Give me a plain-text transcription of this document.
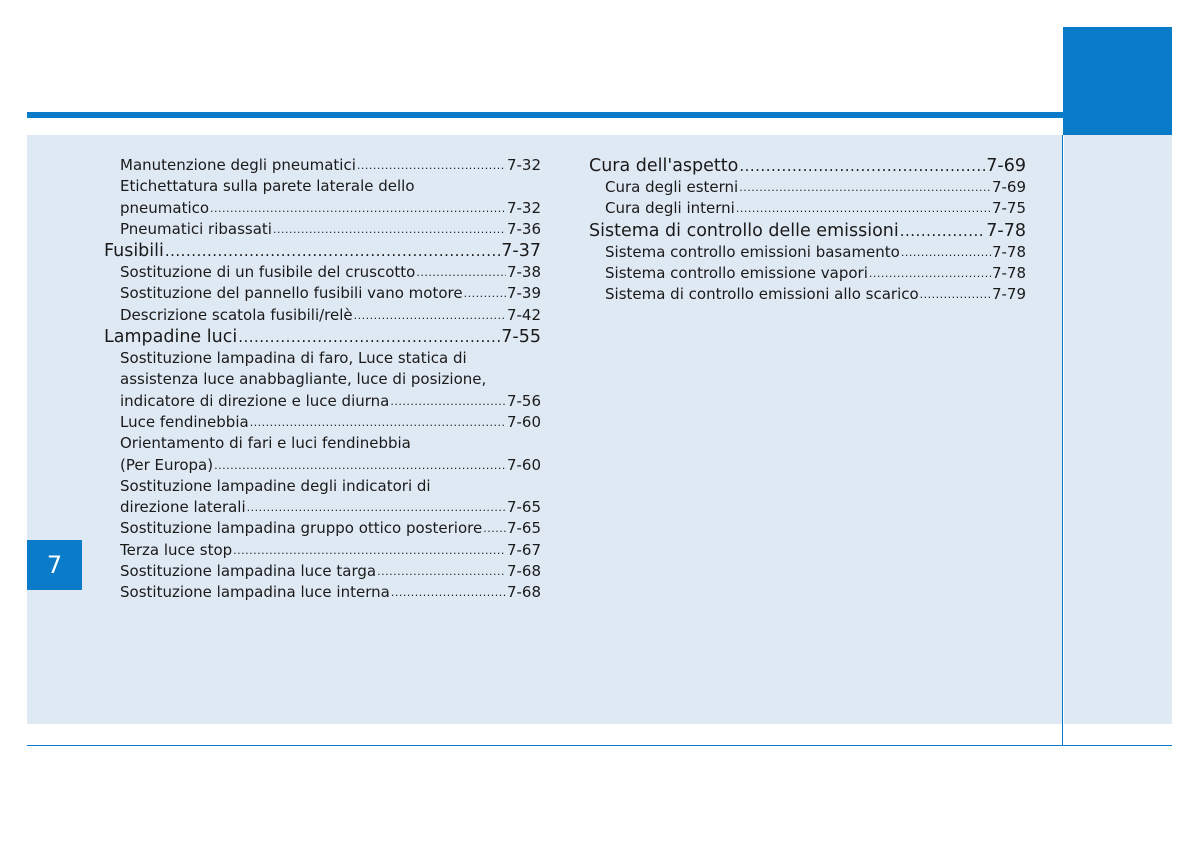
7
Manutenzione degli pneumatici .....	7-32
Etichettatura sulla parete laterale dello
pneumatico .....	7-32
Pneumatici ribassati .....	7-36
Fusibili .....	7-37
Sostituzione di un fusibile del cruscotto .....	7-38
Sostituzione del pannello fusibili vano motore .....	7-39
Descrizione scatola fusibili/relè .....	7-42
Lampadine luci .....	7-55
Sostituzione lampadina di faro, Luce statica di
assistenza luce anabbagliante, luce di posizione,
indicatore di direzione e luce diurna .....	7-56
Luce fendinebbia .....	7-60
Orientamento di fari e luci fendinebbia
(Per Europa) .....	7-60
Sostituzione lampadine degli indicatori di
direzione laterali .....	7-65
Sostituzione lampadina gruppo ottico posteriore ..... 7-65
Terza luce stop .....	7-67
Sostituzione lampadina luce targa .....	7-68
Sostituzione lampadina luce interna .....	7-68
Cura dell'aspetto .....	7-69
Cura degli esterni .....	7-69
Cura degli interni .....	7-75
Sistema di controllo delle emissioni .....	7-78
Sistema controllo emissioni basamento .....	7-78
Sistema controllo emissione vapori .....	7-78
Sistema di controllo emissioni allo scarico .....	7-79
